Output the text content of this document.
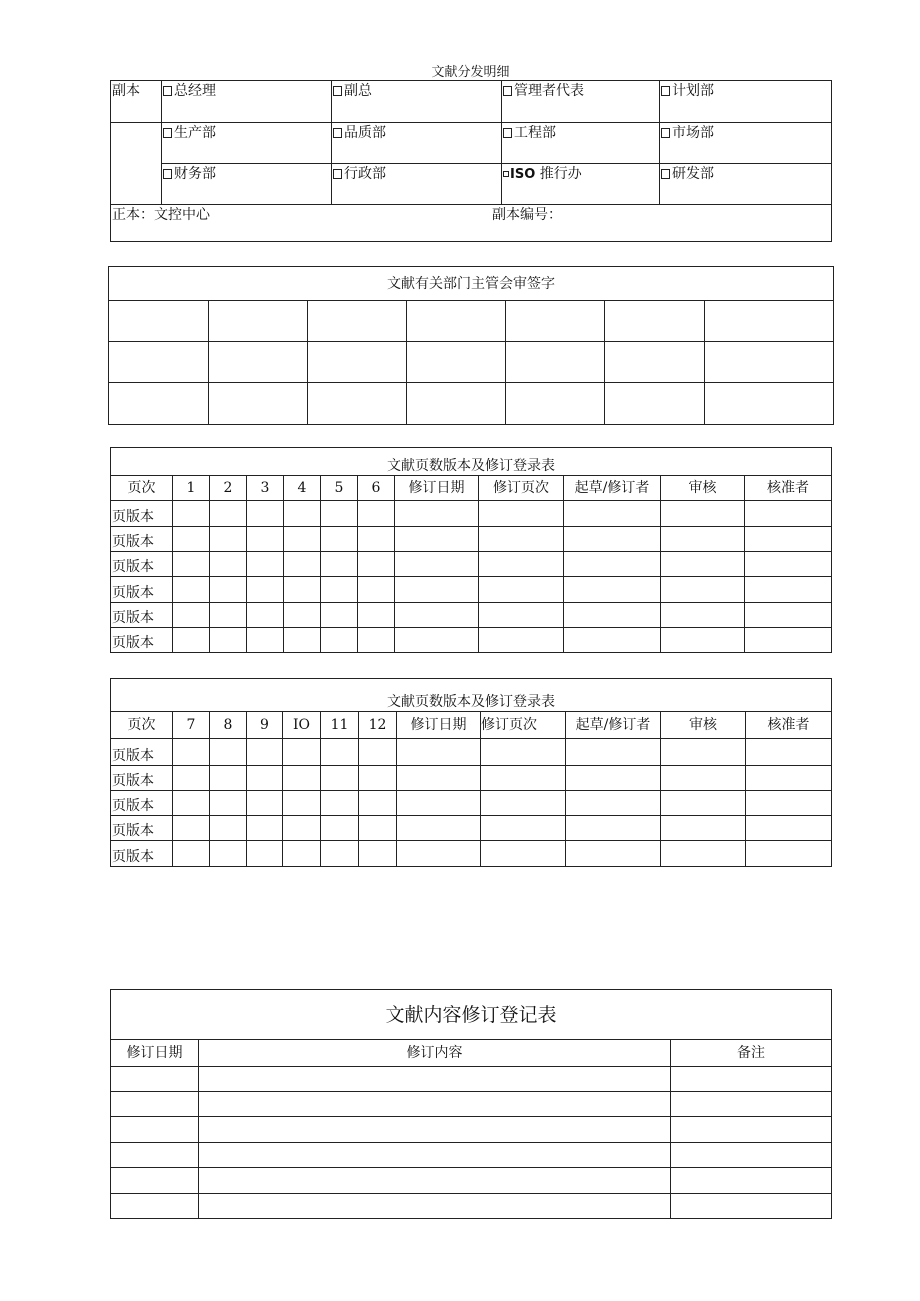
文献分发明细
副本	总经理	副总	管理者代表	计划部
	生产部	品质部	工程部	市场部
	财务部	行政部	ISO 推行办	研发部
正本：文控中心 副本编号：				
文献有关部门主管会审签字						

文献页数版本及修订登录表											
页次	1	2	3	4	5	6	修订日期	修订页次	起草/修订者	审核	核准者
页版本											
页版本											
页版本											
页版本											
页版本											
页版本											
文献页数版本及修订登录表											
页次	7	8	9	IO	11	12	修订日期	修订页次	起草/修订者	审核	核准者
页版本											
页版本											
页版本											
页版本											
页版本											
文献内容修订登记表		
修订日期	修订内容	备注
